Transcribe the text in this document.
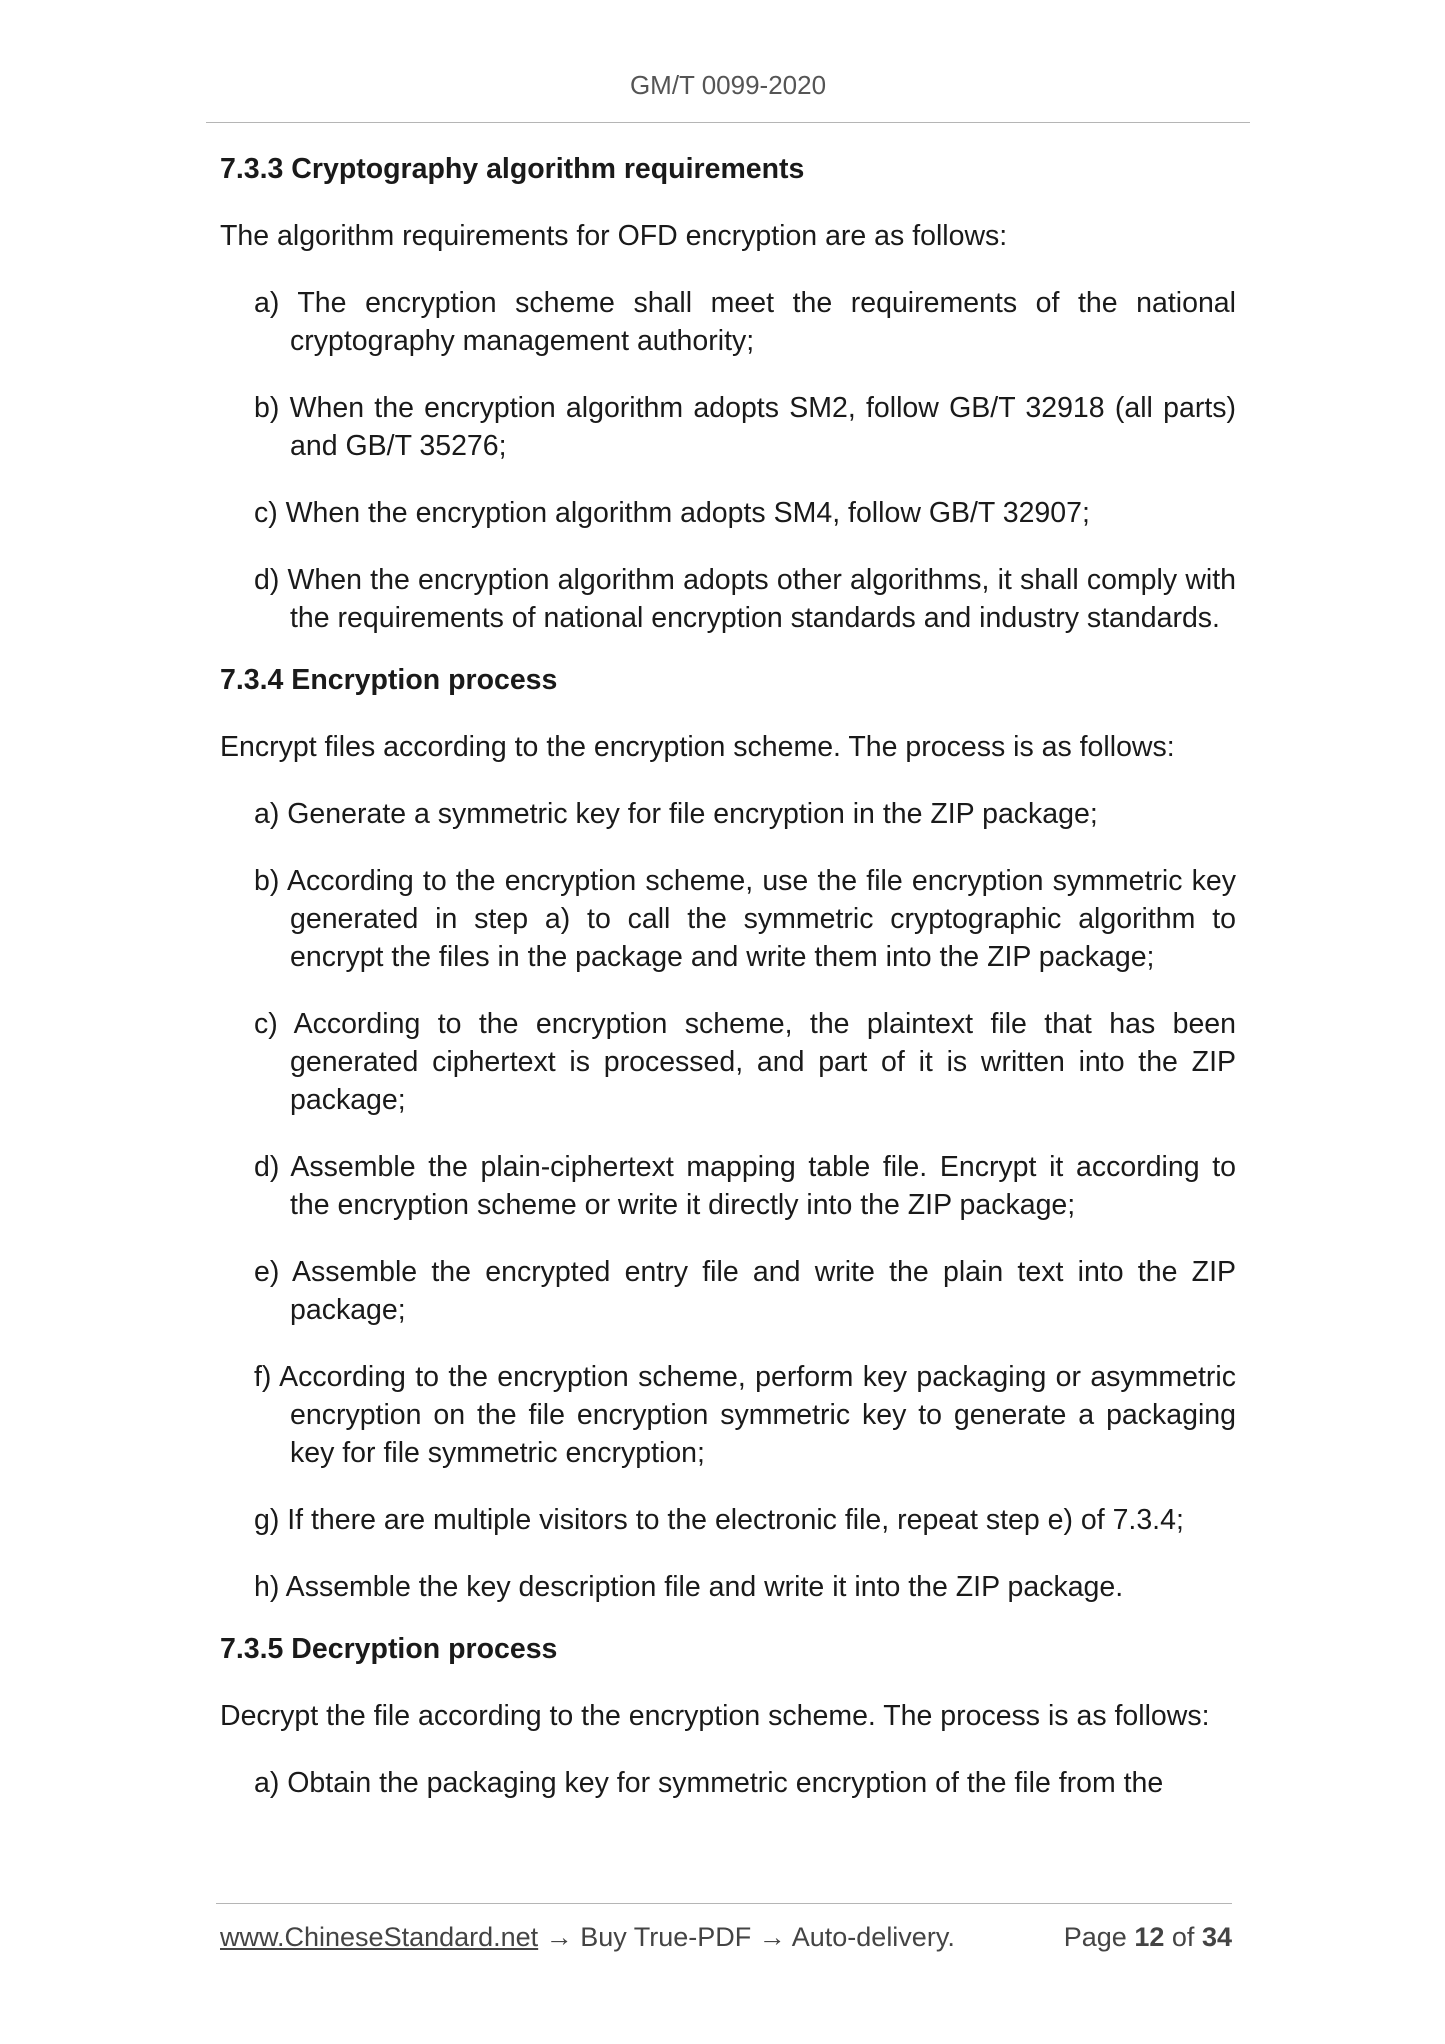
GM/T 0099-2020
7.3.3 Cryptography algorithm requirements
The algorithm requirements for OFD encryption are as follows:
a) The encryption scheme shall meet the requirements of the national cryptography management authority;
b) When the encryption algorithm adopts SM2, follow GB/T 32918 (all parts) and GB/T 35276;
c) When the encryption algorithm adopts SM4, follow GB/T 32907;
d) When the encryption algorithm adopts other algorithms, it shall comply with the requirements of national encryption standards and industry standards.
7.3.4 Encryption process
Encrypt files according to the encryption scheme. The process is as follows:
a) Generate a symmetric key for file encryption in the ZIP package;
b) According to the encryption scheme, use the file encryption symmetric key generated in step a) to call the symmetric cryptographic algorithm to encrypt the files in the package and write them into the ZIP package;
c) According to the encryption scheme, the plaintext file that has been generated ciphertext is processed, and part of it is written into the ZIP package;
d) Assemble the plain-ciphertext mapping table file. Encrypt it according to the encryption scheme or write it directly into the ZIP package;
e) Assemble the encrypted entry file and write the plain text into the ZIP package;
f) According to the encryption scheme, perform key packaging or asymmetric encryption on the file encryption symmetric key to generate a packaging key for file symmetric encryption;
g) If there are multiple visitors to the electronic file, repeat step e) of 7.3.4;
h) Assemble the key description file and write it into the ZIP package.
7.3.5 Decryption process
Decrypt the file according to the encryption scheme. The process is as follows:
a) Obtain the packaging key for symmetric encryption of the file from the
www.ChineseStandard.net → Buy True-PDF → Auto-delivery.	Page 12 of 34
